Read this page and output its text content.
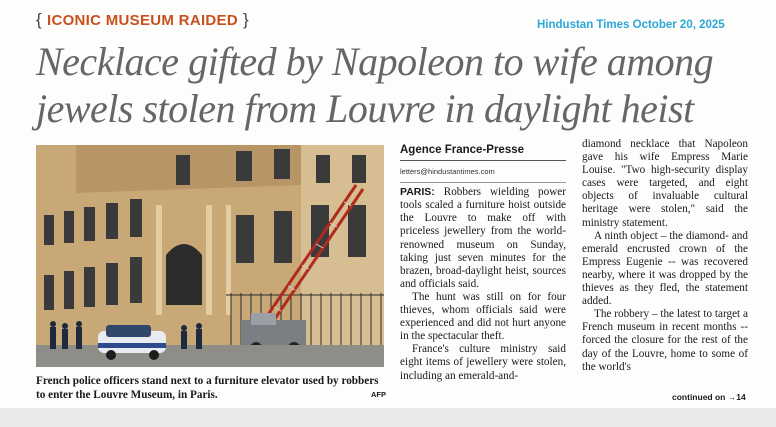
{ ICONIC MUSEUM RAIDED }	Hindustan Times October 20, 2025
Necklace gifted by Napoleon to wife among
jewels stolen from Louvre in daylight heist
French police officers stand next to a furniture elevator used by robbers to enter the Louvre Museum, in Paris.	AFP
Agence France-Presse
letters@hindustantimes.com

PARIS: Robbers wielding power tools scaled a furniture hoist outside the Louvre to make off with priceless jewellery from the world-renowned museum on Sunday, taking just seven minutes for the brazen, broad-daylight heist, sources and officials said.

The hunt was still on for four thieves, whom officials said were experienced and did not hurt anyone in the spectacular theft.

France's culture ministry said eight items of jewellery were stolen, including an emerald-and-

diamond necklace that Napoleon gave his wife Empress Marie Louise. "Two high-security display cases were targeted, and eight objects of invaluable cultural heritage were stolen," said the ministry statement.

A ninth object – the diamond- and emerald encrusted crown of the Empress Eugenie -- was recovered nearby, where it was dropped by the thieves as they fled, the statement added.

The robbery – the latest to target a French museum in recent months -- forced the closure for the rest of the day of the Louvre, home to some of the world's

continued on →14
